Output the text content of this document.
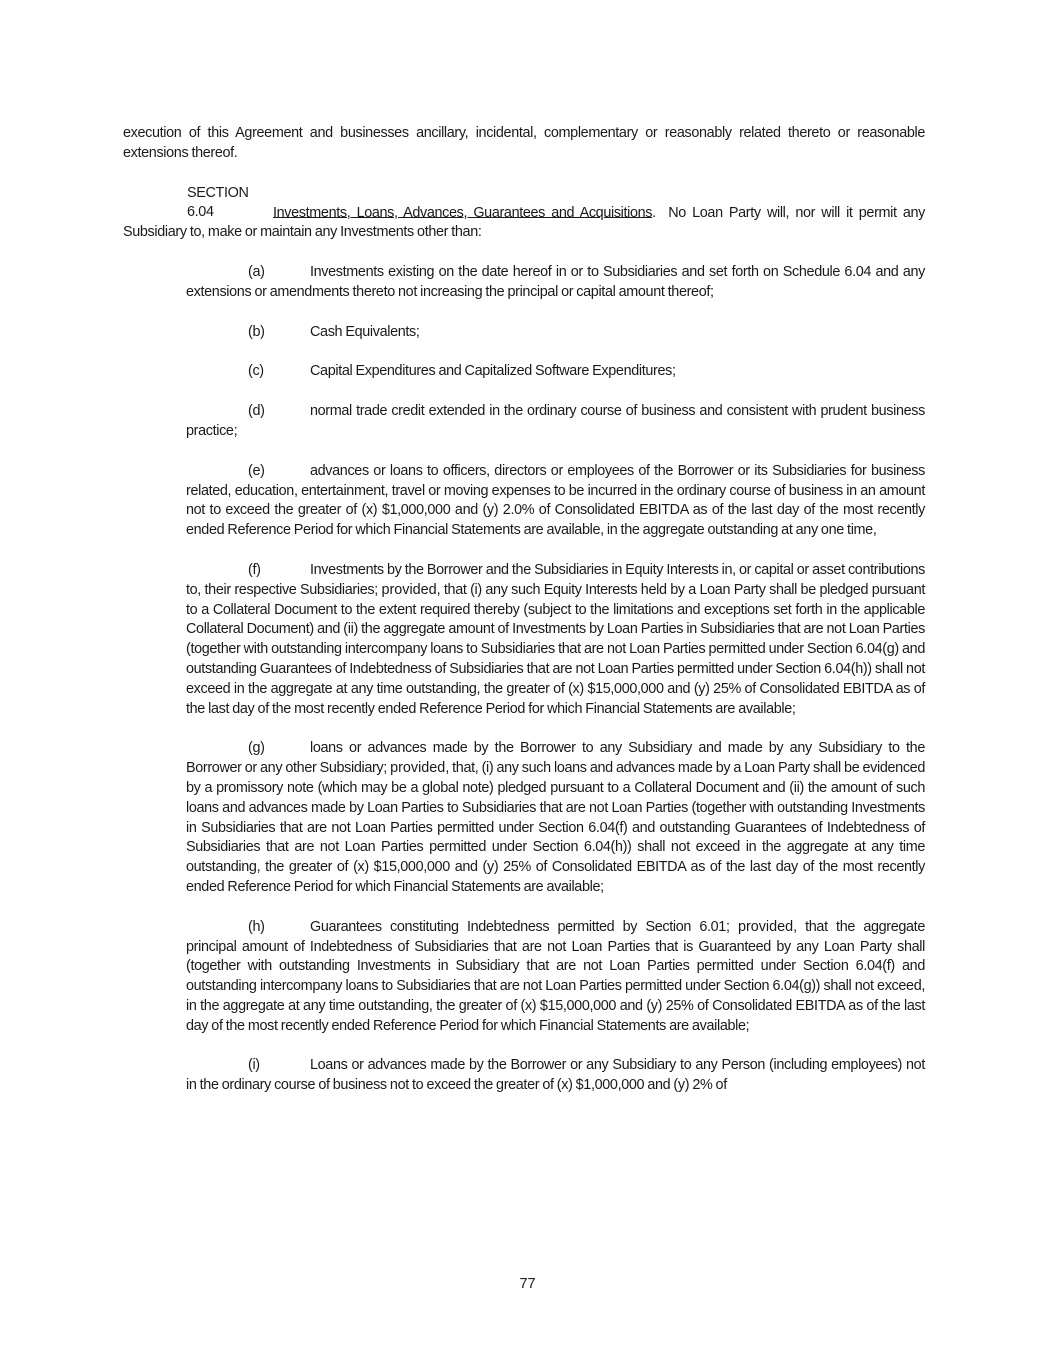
execution of this Agreement and businesses ancillary, incidental, complementary or reasonably related thereto or reasonable extensions thereof.

SECTION 6.04	Investments, Loans, Advances, Guarantees and Acquisitions.  No Loan Party will, nor will it permit any Subsidiary to, make or maintain any Investments other than:

(a)	Investments existing on the date hereof in or to Subsidiaries and set forth on Schedule 6.04 and any extensions or amendments thereto not increasing the principal or capital amount thereof;

(b)	Cash Equivalents;

(c)	Capital Expenditures and Capitalized Software Expenditures;

(d)	normal trade credit extended in the ordinary course of business and consistent with prudent business practice;

(e)	advances or loans to officers, directors or employees of the Borrower or its Subsidiaries for business related, education, entertainment, travel or moving expenses to be incurred in the ordinary course of business in an amount not to exceed the greater of (x) $1,000,000 and (y) 2.0% of Consolidated EBITDA as of the last day of the most recently ended Reference Period for which Financial Statements are available, in the aggregate outstanding at any one time,

(f)	Investments by the Borrower and the Subsidiaries in Equity Interests in, or capital or asset contributions to, their respective Subsidiaries; provided, that (i) any such Equity Interests held by a Loan Party shall be pledged pursuant to a Collateral Document to the extent required thereby (subject to the limitations and exceptions set forth in the applicable Collateral Document) and (ii) the aggregate amount of Investments by Loan Parties in Subsidiaries that are not Loan Parties (together with outstanding intercompany loans to Subsidiaries that are not Loan Parties permitted under Section 6.04(g) and outstanding Guarantees of Indebtedness of Subsidiaries that are not Loan Parties permitted under Section 6.04(h)) shall not exceed in the aggregate at any time outstanding, the greater of (x) $15,000,000 and (y) 25% of Consolidated EBITDA as of the last day of the most recently ended Reference Period for which Financial Statements are available;

(g)	loans or advances made by the Borrower to any Subsidiary and made by any Subsidiary to the Borrower or any other Subsidiary; provided, that, (i) any such loans and advances made by a Loan Party shall be evidenced by a promissory note (which may be a global note) pledged pursuant to a Collateral Document and (ii) the amount of such loans and advances made by Loan Parties to Subsidiaries that are not Loan Parties (together with outstanding Investments in Subsidiaries that are not Loan Parties permitted under Section 6.04(f) and outstanding Guarantees of Indebtedness of Subsidiaries that are not Loan Parties permitted under Section 6.04(h)) shall not exceed in the aggregate at any time outstanding, the greater of (x) $15,000,000 and (y) 25% of Consolidated EBITDA as of the last day of the most recently ended Reference Period for which Financial Statements are available;

(h)	Guarantees constituting Indebtedness permitted by Section 6.01; provided, that the aggregate principal amount of Indebtedness of Subsidiaries that are not Loan Parties that is Guaranteed by any Loan Party shall (together with outstanding Investments in Subsidiary that are not Loan Parties permitted under Section 6.04(f) and outstanding intercompany loans to Subsidiaries that are not Loan Parties permitted under Section 6.04(g)) shall not exceed, in the aggregate at any time outstanding, the greater of (x) $15,000,000 and (y) 25% of Consolidated EBITDA as of the last day of the most recently ended Reference Period for which Financial Statements are available;

(i)	Loans or advances made by the Borrower or any Subsidiary to any Person (including employees) not in the ordinary course of business not to exceed the greater of (x) $1,000,000 and (y) 2% of

77
